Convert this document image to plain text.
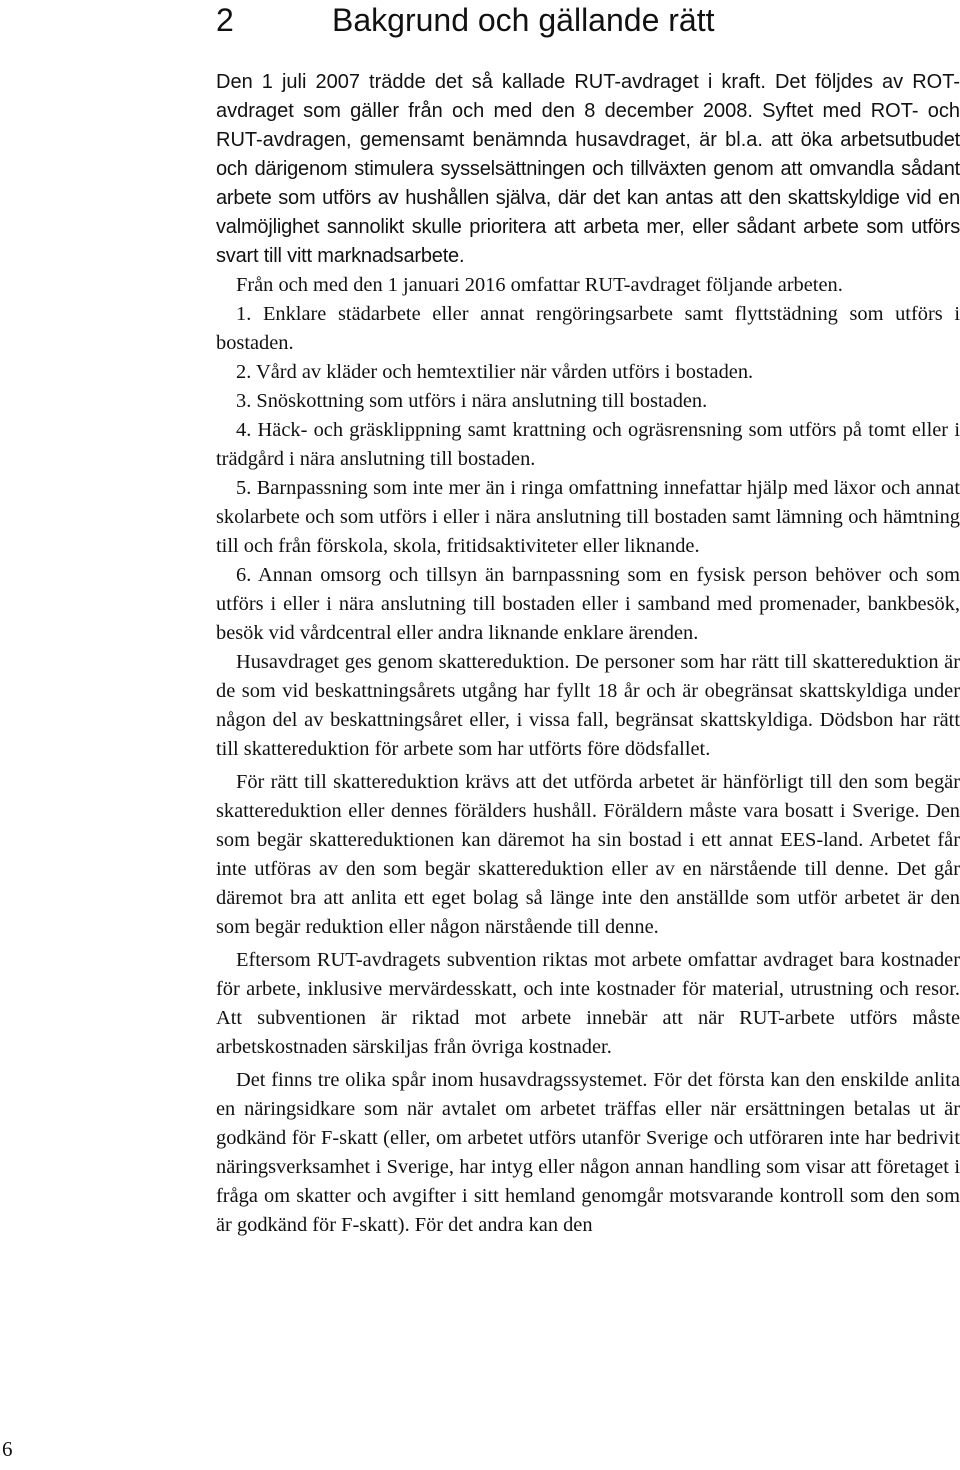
2	Bakgrund och gällande rätt

Den 1 juli 2007 trädde det så kallade RUT-avdraget i kraft. Det följdes av ROT-avdraget som gäller från och med den 8 december 2008. Syftet med ROT- och RUT-avdragen, gemensamt benämnda husavdraget, är bl.a. att öka arbetsutbudet och därigenom stimulera sysselsättningen och tillväxten genom att omvandla sådant arbete som utförs av hushållen själva, där det kan antas att den skattskyldige vid en valmöjlighet sannolikt skulle prioritera att arbeta mer, eller sådant arbete som utförs svart till vitt marknadsarbete.

Från och med den 1 januari 2016 omfattar RUT-avdraget följande arbeten.

1. Enklare städarbete eller annat rengöringsarbete samt flyttstädning som utförs i bostaden.

2. Vård av kläder och hemtextilier när vården utförs i bostaden.

3. Snöskottning som utförs i nära anslutning till bostaden.

4. Häck- och gräsklippning samt krattning och ogräsrensning som utförs på tomt eller i trädgård i nära anslutning till bostaden.

5. Barnpassning som inte mer än i ringa omfattning innefattar hjälp med läxor och annat skolarbete och som utförs i eller i nära anslutning till bostaden samt lämning och hämtning till och från förskola, skola, fritidsaktiviteter eller liknande.

6. Annan omsorg och tillsyn än barnpassning som en fysisk person behöver och som utförs i eller i nära anslutning till bostaden eller i samband med promenader, bankbesök, besök vid vårdcentral eller andra liknande enklare ärenden.

Husavdraget ges genom skattereduktion. De personer som har rätt till skattereduktion är de som vid beskattningsårets utgång har fyllt 18 år och är obegränsat skattskyldiga under någon del av beskattningsåret eller, i vissa fall, begränsat skattskyldiga. Dödsbon har rätt till skattereduktion för arbete som har utförts före dödsfallet.

För rätt till skattereduktion krävs att det utförda arbetet är hänförligt till den som begär skattereduktion eller dennes förälders hushåll. Föräldern måste vara bosatt i Sverige. Den som begär skattereduktionen kan däremot ha sin bostad i ett annat EES-land. Arbetet får inte utföras av den som begär skattereduktion eller av en närstående till denne. Det går däremot bra att anlita ett eget bolag så länge inte den anställde som utför arbetet är den som begär reduktion eller någon närstående till denne.

Eftersom RUT-avdragets subvention riktas mot arbete omfattar avdraget bara kostnader för arbete, inklusive mervärdesskatt, och inte kostnader för material, utrustning och resor. Att subventionen är riktad mot arbete innebär att när RUT-arbete utförs måste arbetskostnaden särskiljas från övriga kostnader.

Det finns tre olika spår inom husavdragssystemet. För det första kan den enskilde anlita en näringsidkare som när avtalet om arbetet träffas eller när ersättningen betalas ut är godkänd för F-skatt (eller, om arbetet utförs utanför Sverige och utföraren inte har bedrivit näringsverksamhet i Sverige, har intyg eller någon annan handling som visar att företaget i fråga om skatter och avgifter i sitt hemland genomgår motsvarande kontroll som den som är godkänd för F-skatt). För det andra kan den

6
